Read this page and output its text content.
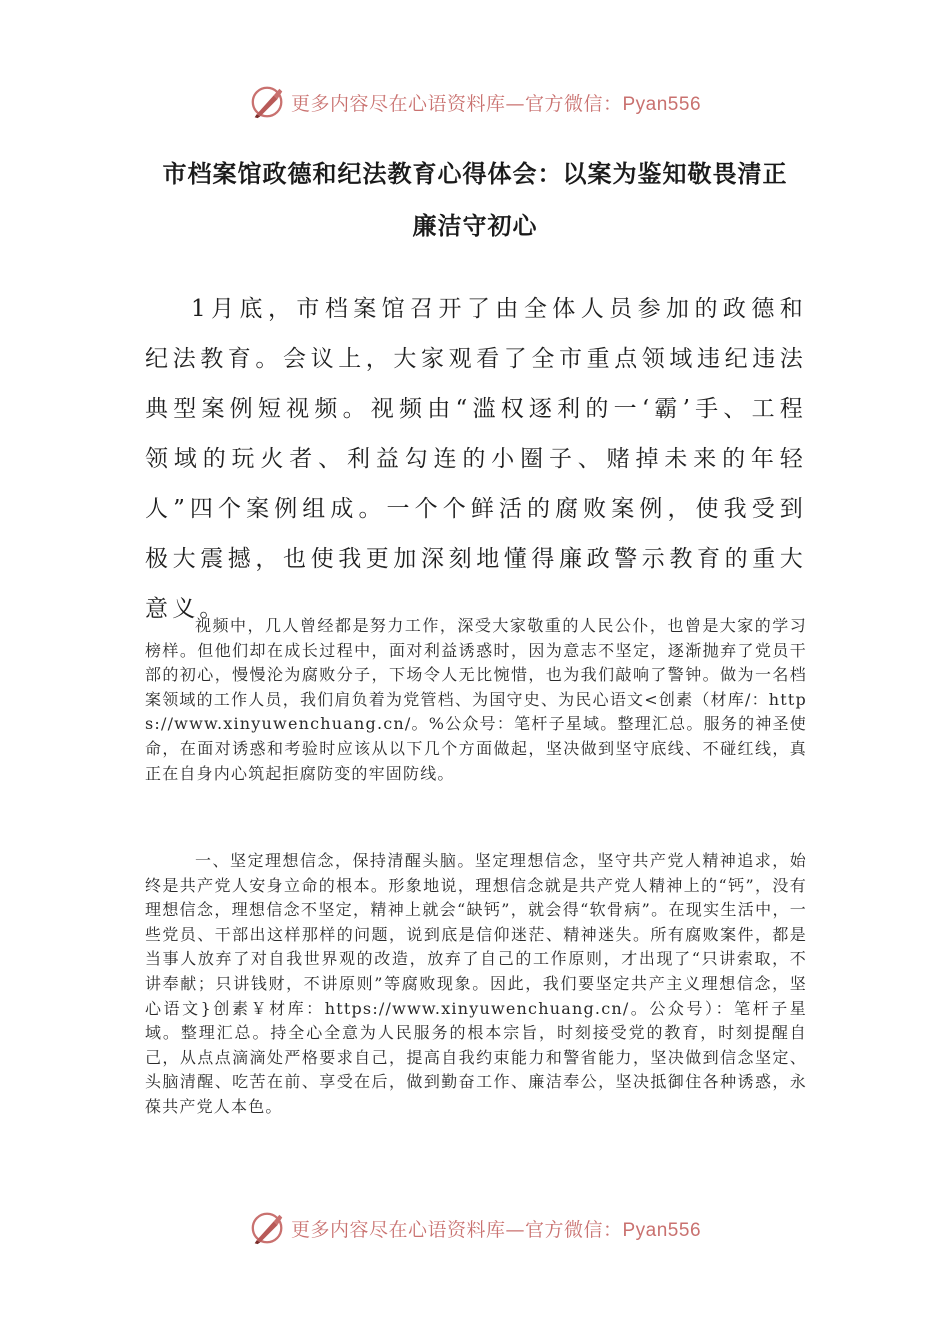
更多内容尽在心语资料库—官方微信：Pyan556
市档案馆政德和纪法教育心得体会：以案为鉴知敬畏清正
廉洁守初心

1月底，市档案馆召开了由全体人员参加的政德和纪法教育。会议上，大家观看了全市重点领域违纪违法典型案例短视频。视频由“滥权逐利的一‘霸’手、工程领域的玩火者、利益勾连的小圈子、赌掉未来的年轻人”四个案例组成。一个个鲜活的腐败案例，使我受到极大震撼，也使我更加深刻地懂得廉政警示教育的重大意义。

视频中，几人曾经都是努力工作，深受大家敬重的人民公仆，也曾是大家的学习榜样。但他们却在成长过程中，面对利益诱惑时，因为意志不坚定，逐渐抛弃了党员干部的初心，慢慢沦为腐败分子，下场令人无比惋惜，也为我们敲响了警钟。做为一名档案领域的工作人员，我们肩负着为党管档、为国守史、为民心语文<创素（材库/：https://www.xinyuwenchuang.cn/。%公众号：笔杆子星域。整理汇总。服务的神圣使命，在面对诱惑和考验时应该从以下几个方面做起，坚决做到坚守底线、不碰红线，真正在自身内心筑起拒腐防变的牢固防线。

一、坚定理想信念，保持清醒头脑。坚定理想信念，坚守共产党人精神追求，始终是共产党人安身立命的根本。形象地说，理想信念就是共产党人精神上的“钙”，没有理想信念，理想信念不坚定，精神上就会“缺钙”，就会得“软骨病”。在现实生活中，一些党员、干部出这样那样的问题，说到底是信仰迷茫、精神迷失。所有腐败案件，都是当事人放弃了对自我世界观的改造，放弃了自己的工作原则，才出现了“只讲索取，不讲奉献；只讲钱财，不讲原则”等腐败现象。因此，我们要坚定共产主义理想信念，坚心语文}创素￥材库：https://www.xinyuwenchuang.cn/。公众号）：笔杆子星域。整理汇总。持全心全意为人民服务的根本宗旨，时刻接受党的教育，时刻提醒自己，从点点滴滴处严格要求自己，提高自我约束能力和警省能力，坚决做到信念坚定、头脑清醒、吃苦在前、享受在后，做到勤奋工作、廉洁奉公，坚决抵御住各种诱惑，永葆共产党人本色。

更多内容尽在心语资料库—官方微信：Pyan556
